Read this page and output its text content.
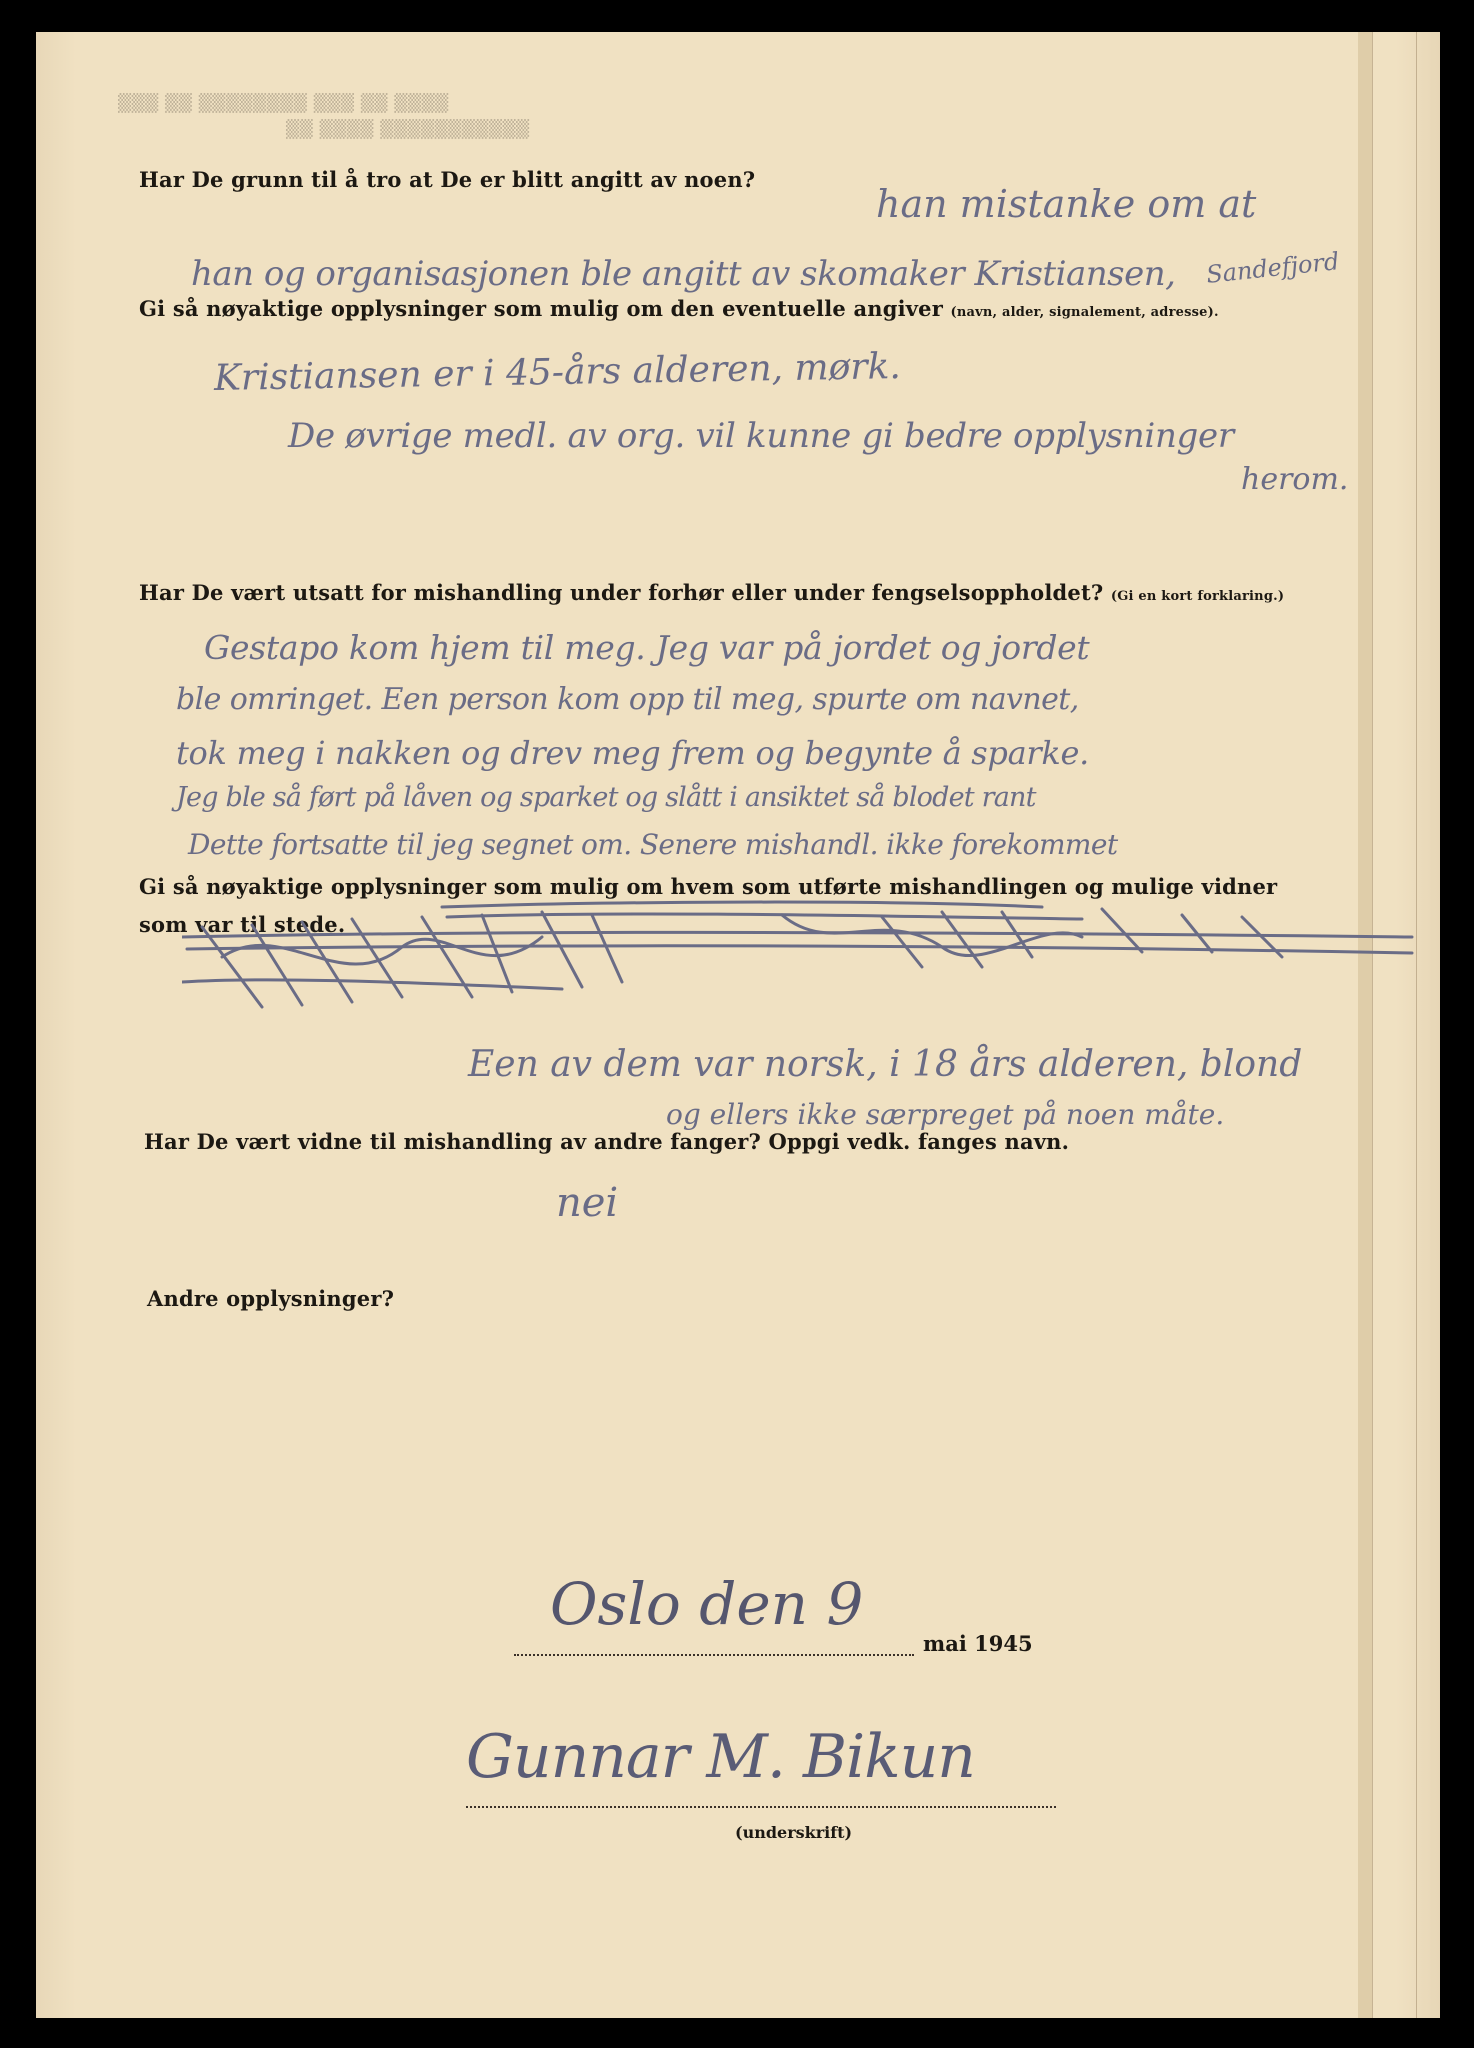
▒▒▒ ▒▒ ▒▒▒▒▒▒▒▒ ▒▒▒ ▒▒ ▒▒▒▒
▒▒ ▒▒▒▒ ▒▒▒▒▒▒▒▒▒▒▒
Har De grunn til å tro at De er blitt angitt av noen?
han mistanke om at
Sandefjord
han og organisasjonen ble angitt av skomaker Kristiansen,
Gi så nøyaktige opplysninger som mulig om den eventuelle angiver (navn, alder, signalement, adresse).
Kristiansen er i 45-års alderen, mørk.
De øvrige medl. av org. vil kunne gi bedre opplysninger
herom.
Har De vært utsatt for mishandling under forhør eller under fengselsoppholdet? (Gi en kort forklaring.)
Gestapo kom hjem til meg. Jeg var på jordet og jordet
ble omringet. Een person kom opp til meg, spurte om navnet,
tok meg i nakken og drev meg frem og begynte å sparke.
Jeg ble så ført på låven og sparket og slått i ansiktet så blodet rant
Dette fortsatte til jeg segnet om. Senere mishandl. ikke forekommet
Gi så nøyaktige opplysninger som mulig om hvem som utførte mishandlingen og mulige vidner
som var til stede.
Een av dem var norsk, i 18 års alderen, blond
og ellers ikke særpreget på noen måte.
Har De vært vidne til mishandling av andre fanger? Oppgi vedk. fanges navn.
nei
Andre opplysninger?
Oslo den 9
mai 1945
Gunnar M. Bikun
(underskrift)
